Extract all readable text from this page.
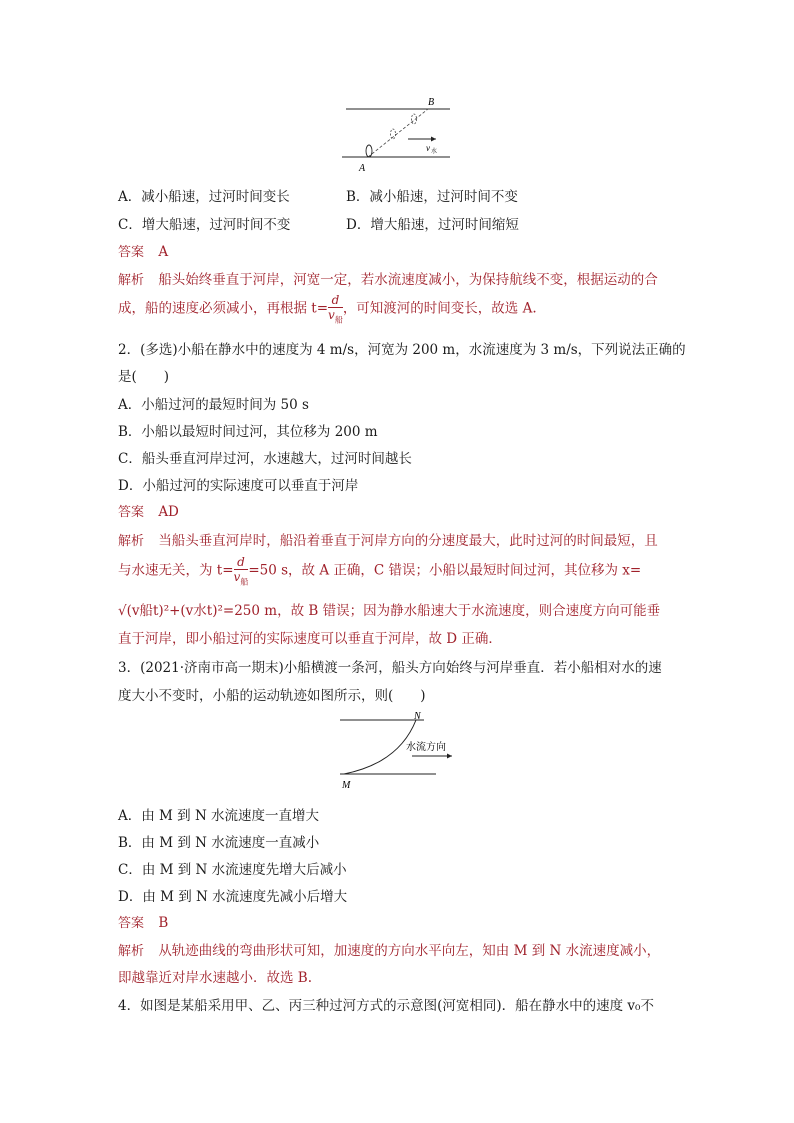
B
A
v 水
A．减小船速，过河时间变长	B．减小船速，过河时间不变
C．增大船速，过河时间不变	D．增大船速，过河时间缩短
答案 A
解析 船头始终垂直于河岸，河宽一定，若水流速度减小，为保持航线不变，根据运动的合
成，船的速度必须减小，再根据 $t= \frac{d}{v_船}$ ，可知渡河的时间变长，故选 A.
2．(多选)小船在静水中的速度为 4 m/s，河宽为 200 m，水流速度为 3 m/s，下列说法正确的
是(　　)
A．小船过河的最短时间为 50 s
B．小船以最短时间过河，其位移为 200 m
C．船头垂直河岸过河，水速越大，过河时间越长
D．小船过河的实际速度可以垂直于河岸
答案 AD
解析 当船头垂直河岸时，船沿着垂直于河岸方向的分速度最大，此时过河的时间最短，且
与水速无关，为 $t= \frac{d}{v_船} =50$ s，故 A 正确，C 错误；小船以最短时间过河，其位移为 x=
√(v船t)²+(v水t)²=250 m，故 B 错误；因为静水船速大于水流速度，则合速度方向可能垂
直于河岸，即小船过河的实际速度可以垂直于河岸，故 D 正确．
3．(2021·济南市高一期末)小船横渡一条河，船头方向始终与河岸垂直．若小船相对水的速
度大小不变时，小船的运动轨迹如图所示，则(　　)
N
M
水流方向
A．由 M 到 N 水流速度一直增大
B．由 M 到 N 水流速度一直减小
C．由 M 到 N 水流速度先增大后减小
D．由 M 到 N 水流速度先减小后增大
答案 B
解析 从轨迹曲线的弯曲形状可知，加速度的方向水平向左，知由 M 到 N 水流速度减小，
即越靠近对岸水速越小．故选 B.
4．如图是某船采用甲、乙、丙三种过河方式的示意图(河宽相同)．船在静水中的速度 v₀不
